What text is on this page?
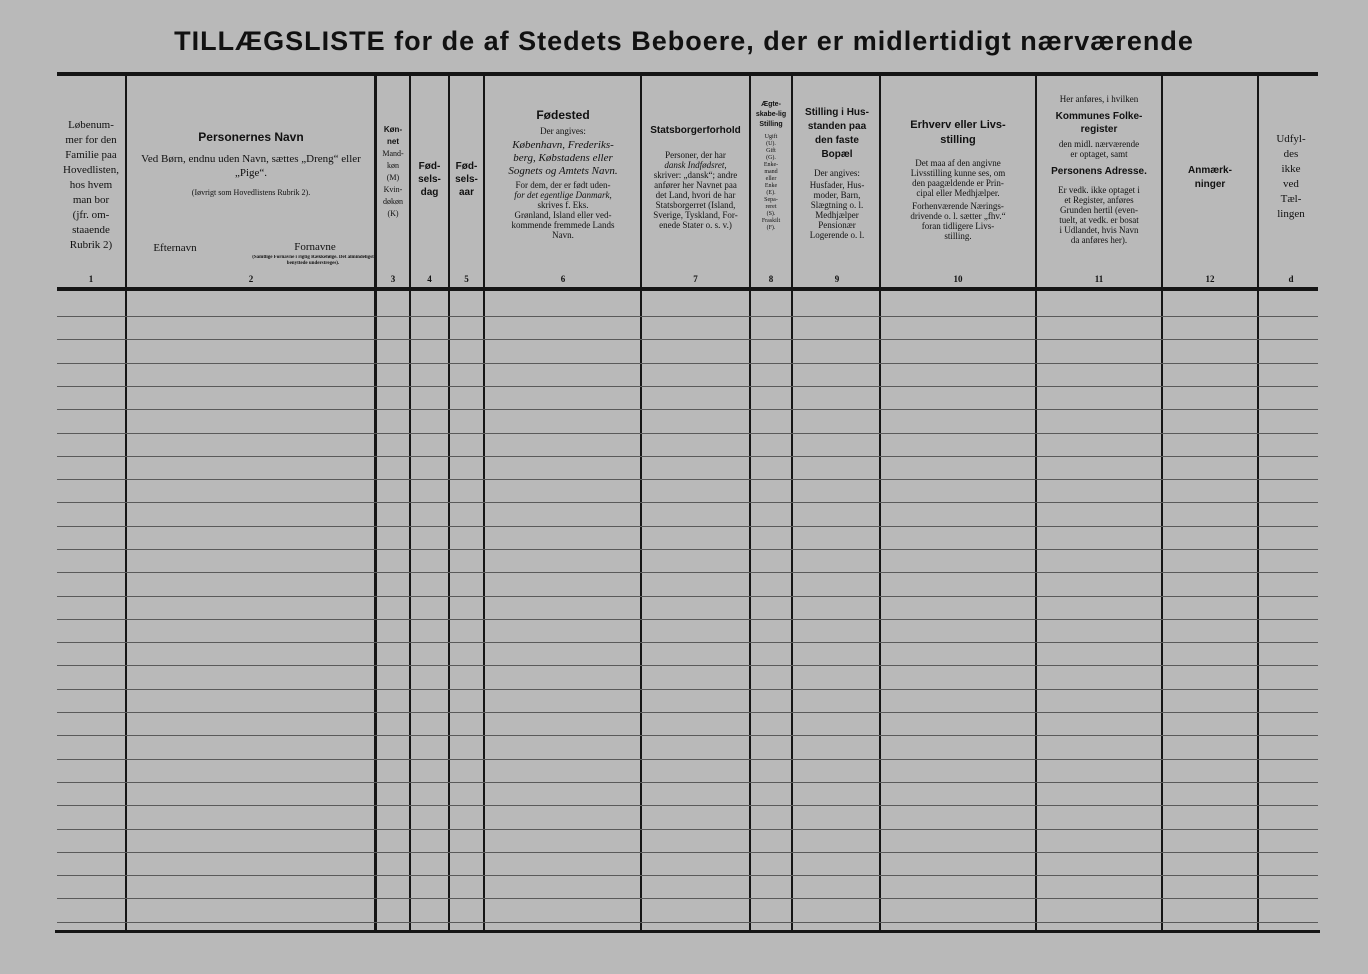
TILLÆGSLISTE for de af Stedets Beboere, der er midlertidigt nærværende
Løbenum-
mer for den
Familie paa
Hovedlisten,
hos hvem
man bor
(jfr. om-
staaende
Rubrik 2)
1
Personernes Navn
Ved Børn, endnu uden Navn, sættes „Dreng“ eller „Pige“.
(Iøvrigt som Hovedlistens Rubrik 2).
Efternavn	Fornavne
(Samtlige Fornavne i rigtig Rækkefølge. Det almindeligst benyttede understreges).
2
Køn-
net
Mand-
køn
(M)
Kvin-
døkøn
(K)
3
Fød-
sels-
dag
4
Fød-
sels-
aar
5
Fødested
Der angives:
København, Frederiks-
berg, Købstadens eller
Sognets og Amtets Navn.
For dem, der er født uden-
for det egentlige Danmark,
skrives f. Eks.
Grønland, Island eller ved-
kommende fremmede Lands
Navn.
6
Statsborgerforhold
Personer, der har
dansk Indfødsret,
skriver: „dansk“; andre
anfører her Navnet paa
det Land, hvori de har
Statsborgerret (Island,
Sverige, Tyskland, For-
enede Stater o. s. v.)
7
Ægte-skabe-lig Stilling
Ugift
(U).
Gift
(G).
Enke-
mand
eller
Enke
(E).
Sepa-
reret
(S).
Fraskilt
(F).
8
Stilling i Hus-standen paa den faste Bopæl
Der angives:
Husfader, Hus-
moder, Barn,
Slægtning o. l.
Medhjælper
Pensionær
Logerende o. l.
9
Erhverv eller Livs-stilling
Det maa af den angivne
Livsstilling kunne ses, om
den paagældende er Prin-
cipal eller Medhjælper.
Forhenværende Nærings-
drivende o. l. sætter „fhv.“
foran tidligere Livs-
stilling.
10
Her anføres, i hvilken
Kommunes Folke-register
den midl. nærværende
er optaget, samt
Personens Adresse.
Er vedk. ikke optaget i
et Register, anføres
Grunden hertil (even-
tuelt, at vedk. er bosat
i Udlandet, hvis Navn
da anføres her).
11
Anmærk-ninger
12
Udfyl-
des
ikke
ved
Tæl-
lingen
d
